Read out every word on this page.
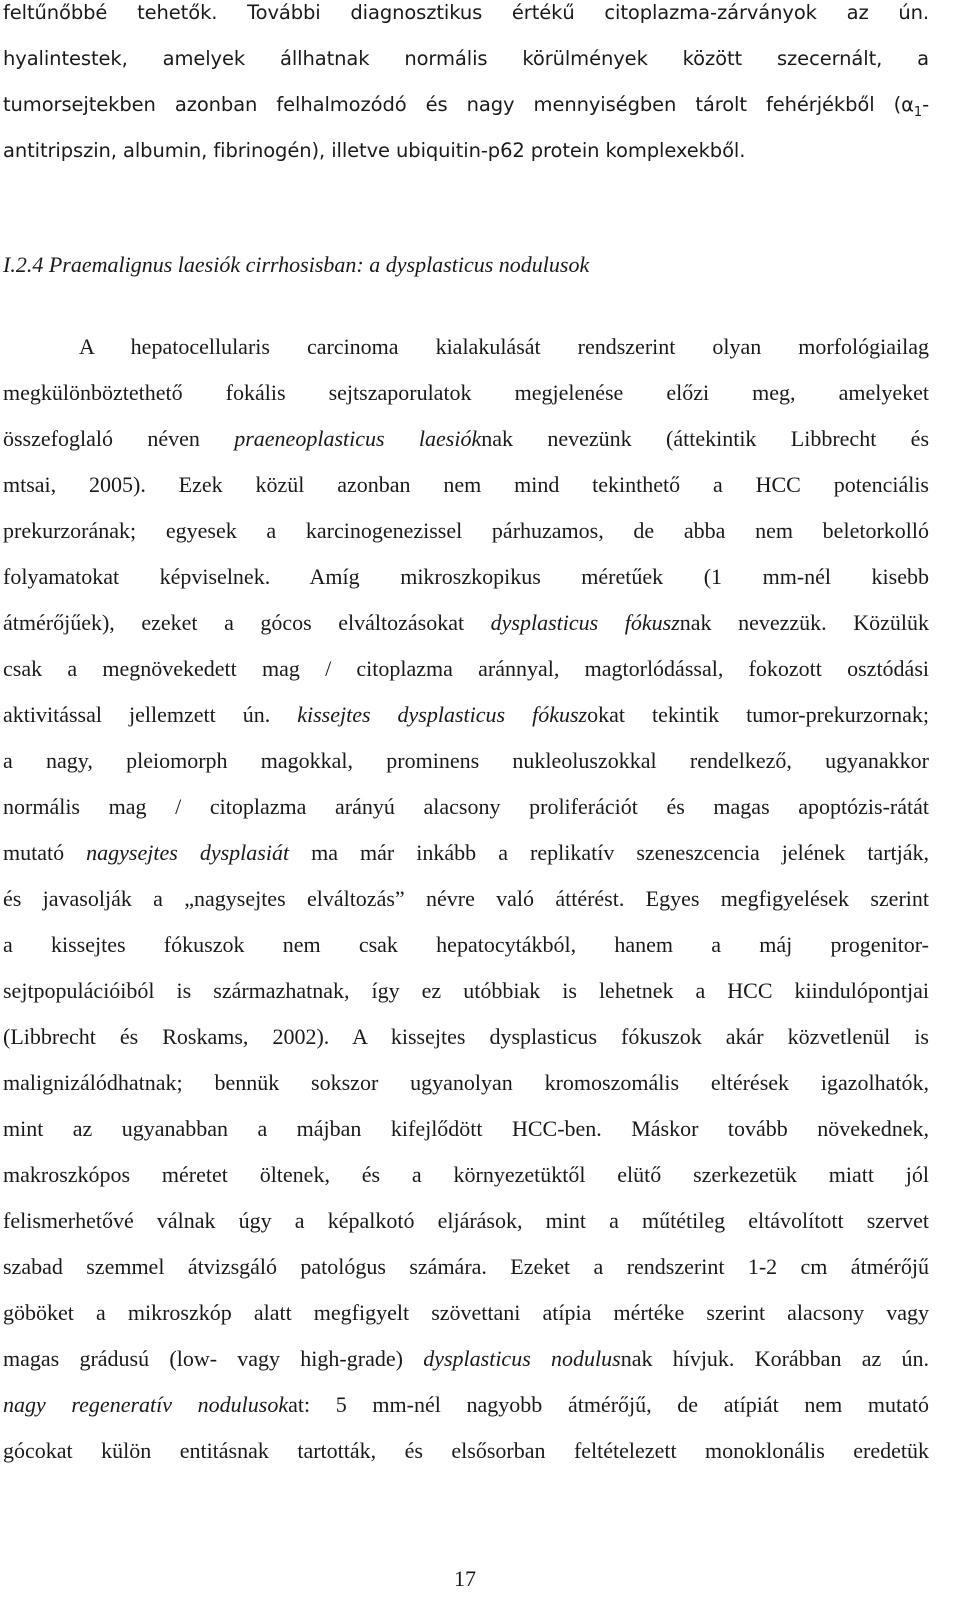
feltűnőbbé tehetők. További diagnosztikus értékű citoplazma-zárványok az ún.
hyalintestek, amelyek állhatnak normális körülmények között szecernált, a
tumorsejtekben azonban felhalmozódó és nagy mennyiségben tárolt fehérjékből ($\alpha_1-$
antitripszin, albumin, fibrinogén), illetve ubiquitin-p62 protein komplexekből.
I.2.4 Praemalignus laesiók cirrhosisban: a dysplasticus nodulusok
A hepatocellularis carcinoma kialakulását rendszerint olyan morfológiailag
megkülönböztethető fokális sejtszaporulatok megjelenése előzi meg, amelyeket
összefoglaló néven praeneoplasticus laesióknak nevezünk (áttekintik Libbrecht és
mtsai, 2005). Ezek közül azonban nem mind tekinthető a HCC potenciális
prekurzorának; egyesek a karcinogenezissel párhuzamos, de abba nem beletorkolló
folyamatokat képviselnek. Amíg mikroszkopikus méretűek (1 mm-nél kisebb
átmérőjűek), ezeket a gócos elváltozásokat dysplasticus fókusznak nevezzük. Közülük
csak a megnövekedett mag / citoplazma aránnyal, magtorlódással, fokozott osztódási
aktivitással jellemzett ún. kissejtes dysplasticus fókuszokat tekintik tumor-prekurzornak;
a nagy, pleiomorph magokkal, prominens nukleoluszokkal rendelkező, ugyanakkor
normális mag / citoplazma arányú alacsony proliferációt és magas apoptózis-rátát
mutató nagysejtes dysplasiát ma már inkább a replikatív szeneszcencia jelének tartják,
és javasolják a „nagysejtes elváltozás” névre való áttérést. Egyes megfigyelések szerint
a kissejtes fókuszok nem csak hepatocytákból, hanem a máj progenitor-
sejtpopulációiból is származhatnak, így ez utóbbiak is lehetnek a HCC kiindulópontjai
(Libbrecht és Roskams, 2002). A kissejtes dysplasticus fókuszok akár közvetlenül is
malignizálódhatnak; bennük sokszor ugyanolyan kromoszomális eltérések igazolhatók,
mint az ugyanabban a májban kifejlődött HCC-ben. Máskor tovább növekednek,
makroszkópos méretet öltenek, és a környezetüktől elütő szerkezetük miatt jól
felismerhetővé válnak úgy a képalkotó eljárások, mint a műtétileg eltávolított szervet
szabad szemmel átvizsgáló patológus számára. Ezeket a rendszerint 1-2 cm átmérőjű
göböket a mikroszkóp alatt megfigyelt szövettani atípia mértéke szerint alacsony vagy
magas grádusú (low- vagy high-grade) dysplasticus nodulusnak hívjuk. Korábban az ún.
nagy regeneratív nodulusokat: 5 mm-nél nagyobb átmérőjű, de atípiát nem mutató
gócokat külön entitásnak tartották, és elsősorban feltételezett monoklonális eredetük
17
